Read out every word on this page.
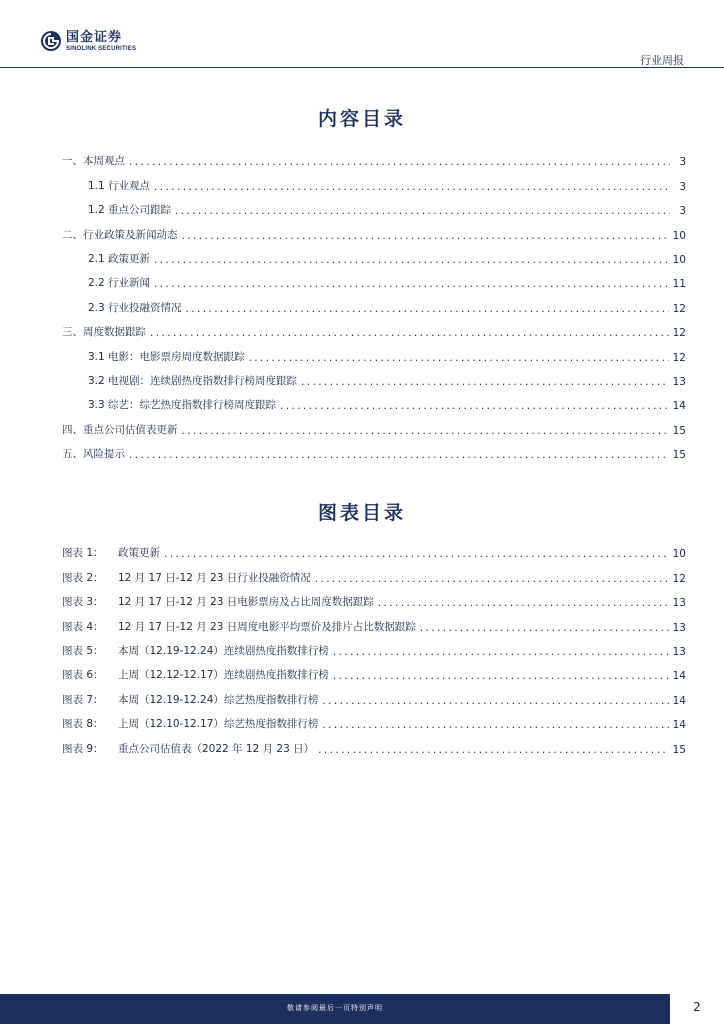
国金证券
SINOLINK SECURITIES
行业周报
内容目录
一、本周观点 .....	3
1.1 行业观点 .....	3
1.2 重点公司跟踪 .....	3
二、行业政策及新闻动态 .....	10
2.1 政策更新 .....	10
2.2 行业新闻 .....	11
2.3 行业投融资情况 .....	12
三、周度数据跟踪 .....	12
3.1 电影：电影票房周度数据跟踪 .....	12
3.2 电视剧：连续剧热度指数排行榜周度跟踪 .....	13
3.3 综艺：综艺热度指数排行榜周度跟踪 .....	14
四、重点公司估值表更新 .....	15
五、风险提示 .....	15
图表目录
图表 1：	政策更新 .....	10
图表 2：	12 月 17 日-12 月 23 日行业投融资情况 .....	12
图表 3：	12 月 17 日-12 月 23 日电影票房及占比周度数据跟踪 .....	13
图表 4：	12 月 17 日-12 月 23 日周度电影平均票价及排片占比数据跟踪 .....	13
图表 5：	本周（12.19-12.24）连续剧热度指数排行榜 .....	13
图表 6：	上周（12.12-12.17）连续剧热度指数排行榜 .....	14
图表 7：	本周（12.19-12.24）综艺热度指数排行榜 .....	14
图表 8：	上周（12.10-12.17）综艺热度指数排行榜 .....	14
图表 9：	重点公司估值表（2022 年 12 月 23 日） .....	15
敬请参阅最后一页特别声明	2
